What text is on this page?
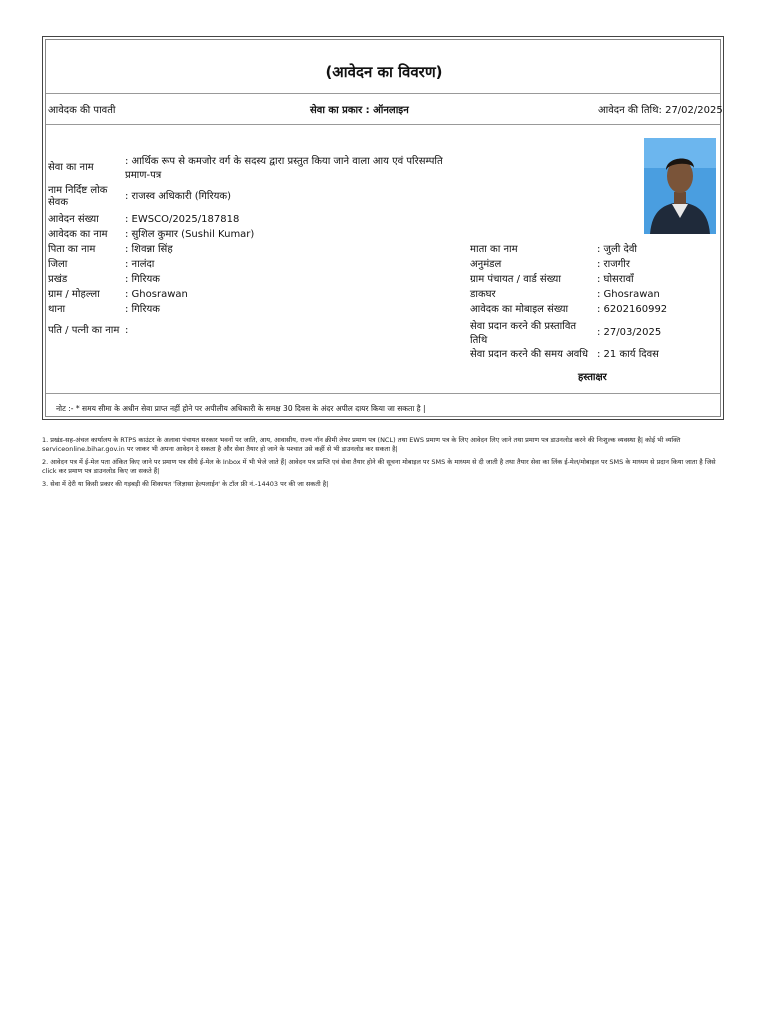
(आवेदन का विवरण)
आवेदक की पावती	सेवा का प्रकार : ऑनलाइन	आवेदन की तिथि: 27/02/2025
सेवा का नाम
: आर्थिक रूप से कमजोर वर्ग के सदस्य द्वारा प्रस्तुत किया जाने वाला आय एवं परिसम्पति प्रमाण-पत्र
नाम निर्दिष्ट लोक सेवक
: राजस्व अधिकारी (गिरियक)
आवेदन संख्या	: EWSCO/2025/187818
आवेदक का नाम : सुशिल कुमार (Sushil Kumar)
पिता का नाम	: शिवन्ना सिंह
जिला	: नालंदा
प्रखंड	: गिरियक
ग्राम / मोहल्ला	: Ghosrawan
थाना	: गिरियक
पति / पत्नी का नाम :
माता का नाम	: जुली देवी
अनुमंडल	: राजगीर
ग्राम पंचायत / वार्ड संख्या	: घोसरावाँ
डाकघर	: Ghosrawan
आवेदक का मोबाइल संख्या	: 6202160992
सेवा प्रदान करने की प्रस्तावित तिथि
: 27/03/2025
सेवा प्रदान करने की समय अवधि : 21 कार्य दिवस
हस्ताक्षर
नोट :- * समय सीमा के अधीन सेवा प्राप्त नहीं होने पर अपीलीय अधिकारी के समक्ष 30 दिवस के अंदर अपील दायर किया जा सकता है |
1. प्रखंड-सह-अंचल कार्यालय के RTPS काउंटर के अलावा पंचायत सरकार भवनों पर जाति, आय, आवासीय, राज्य नॉन क्रीमी लेयर प्रमाण पत्र (NCL) तथा EWS प्रमाण पत्र के लिए आवेदन लिए जाने तथा प्रमाण पत्र डाउनलोड करने की निःशुल्क व्यवस्था है| कोई भी व्यक्ति serviceonline.bihar.gov.in पर जाकर भी अपना आवेदन दे सकता है और सेवा तैयार हो जाने के पश्चात उसे कहीं से भी डाउनलोड कर सकता है|
2. आवेदन पत्र में ई-मेल पता अंकित किए जाने पर प्रमाण पत्र सीधे ई-मेल के Inbox में भी भेजे जाते हैं| आवेदन पत्र प्राप्ति एवं सेवा तैयार होने की सूचना मोबाइल पर SMS के माध्यम से दी जाती है तथा तैयार सेवा का लिंक ई-मेल/मोबाइल पर SMS के माध्यम से प्रदान किया जाता है जिसे click कर प्रमाण पत्र डाउनलोड किए जा सकते हैं|
3. सेवा में देरी या किसी प्रकार की गड़बड़ी की शिकायत 'जिज्ञासा हेल्पलाईन' के टॉल फ्री नं.-14403 पर की जा सकती है|
